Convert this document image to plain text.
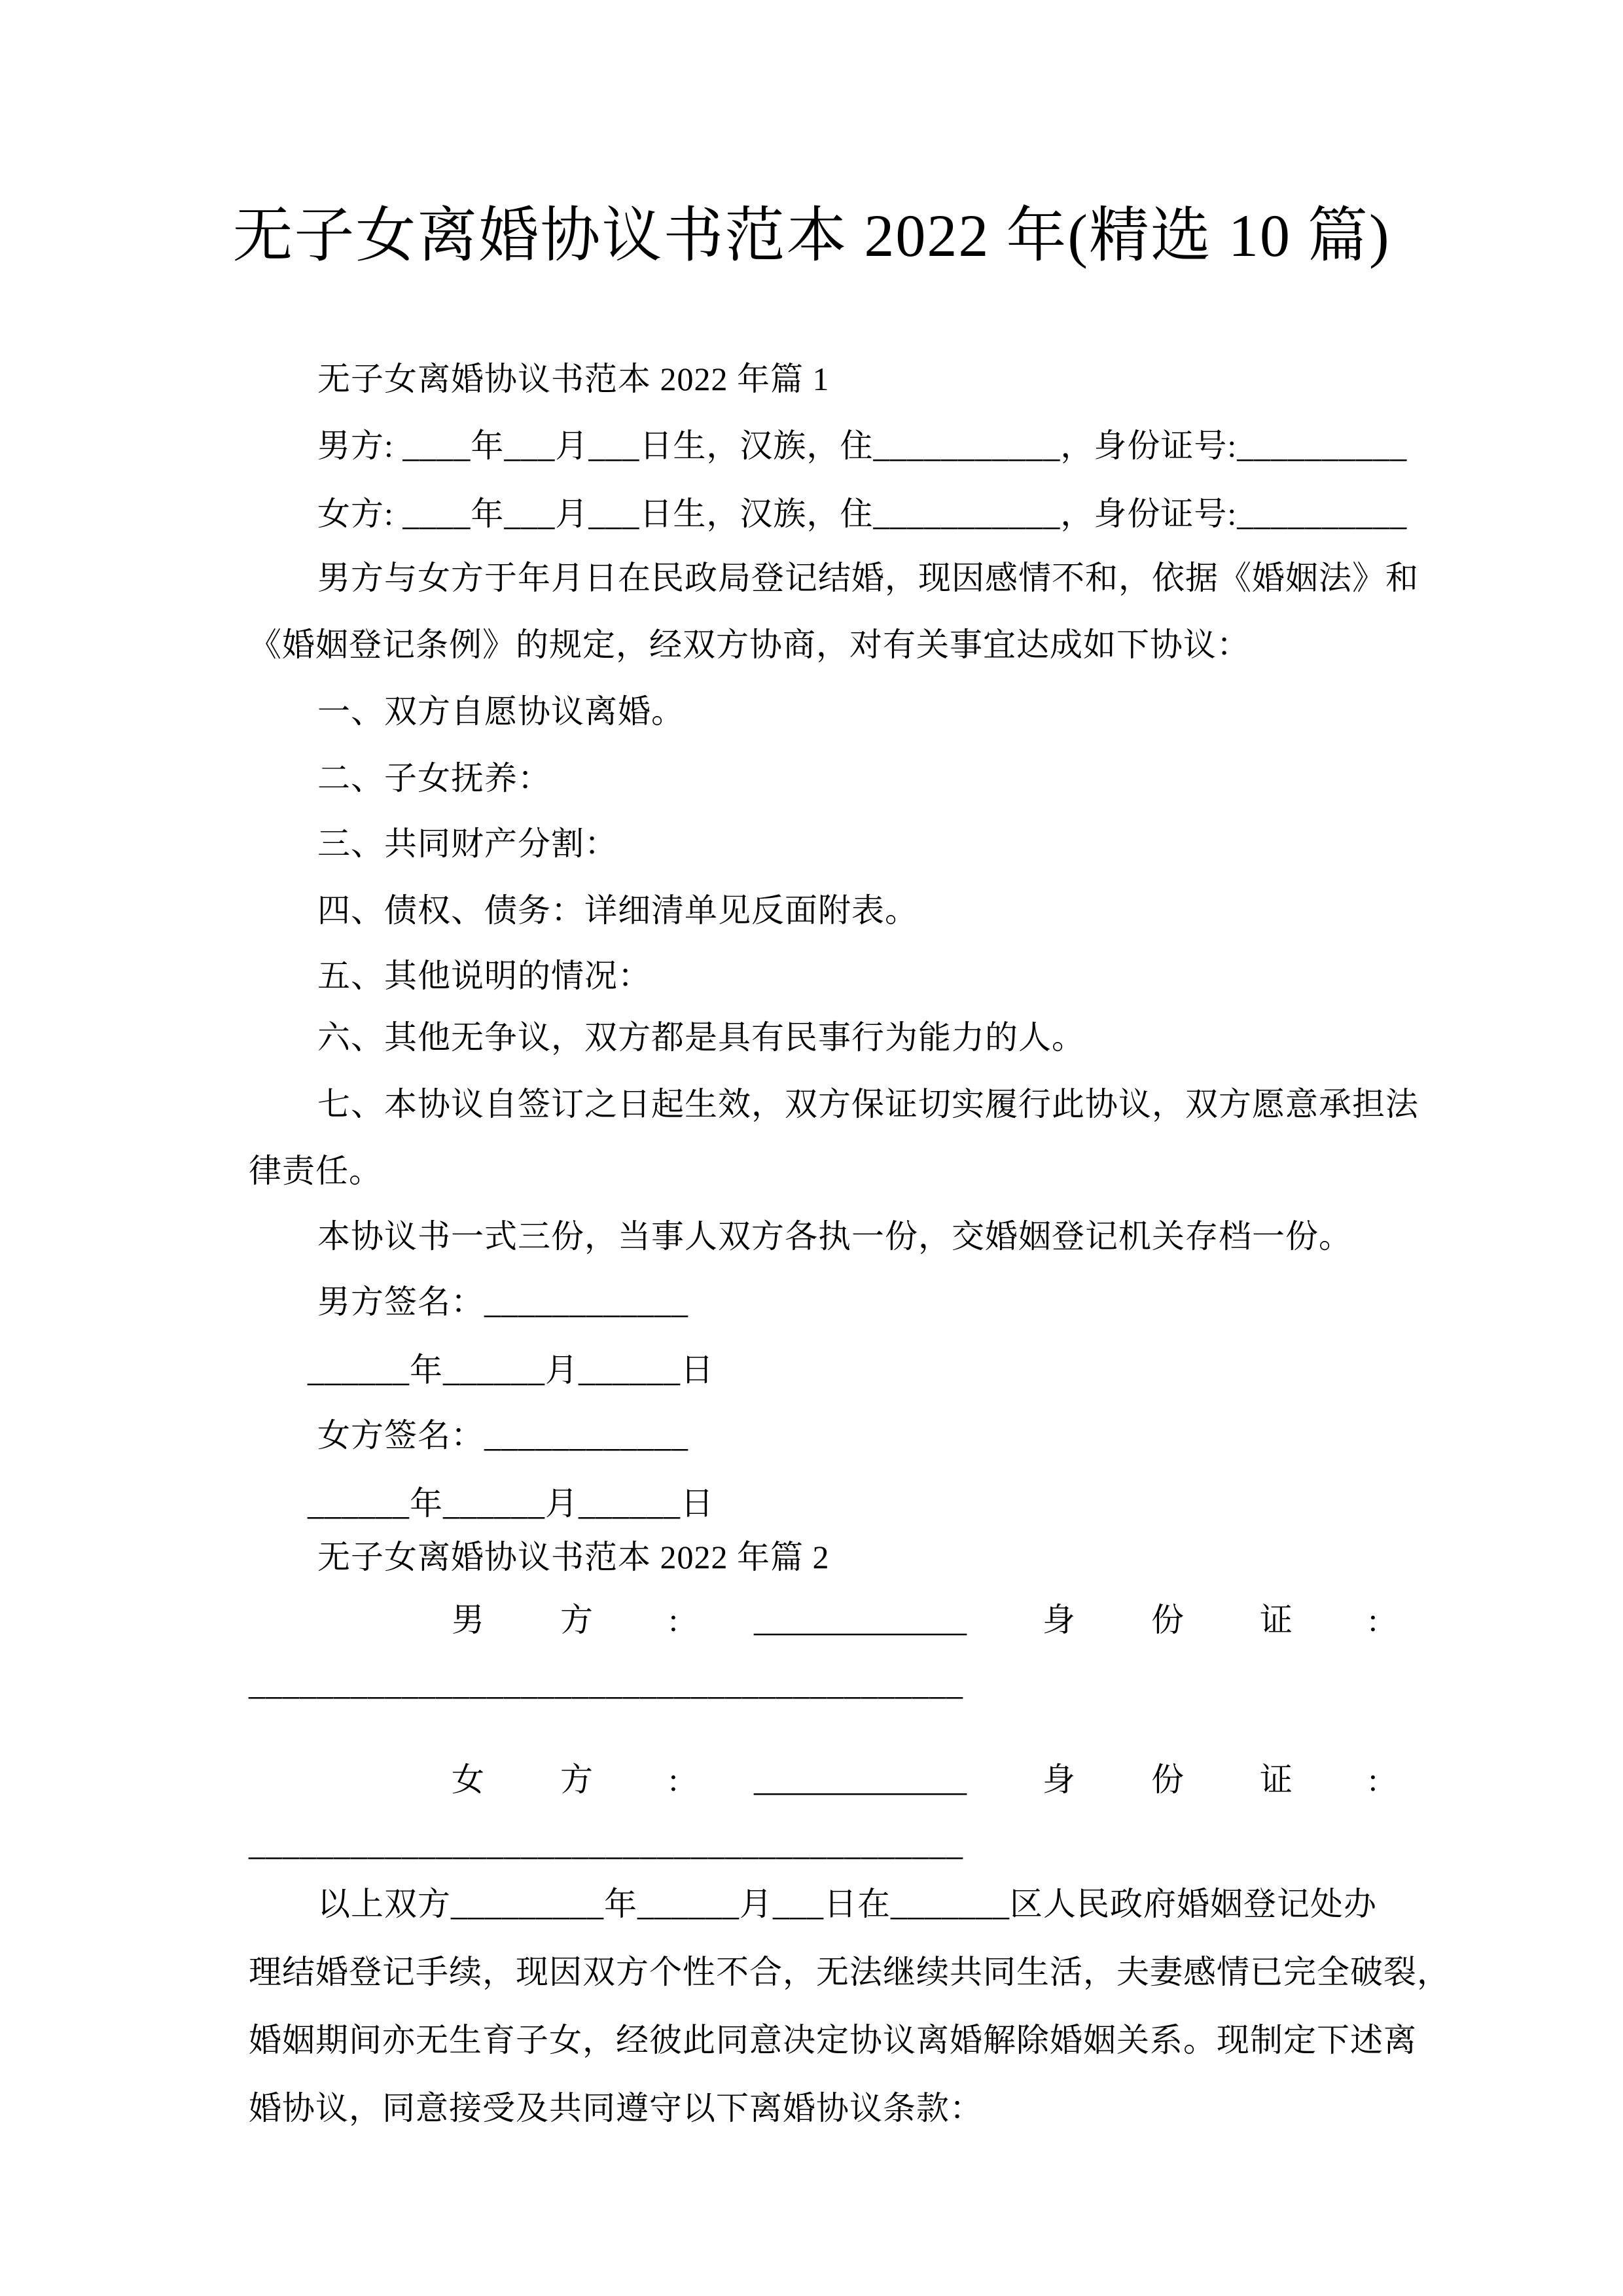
无子女离婚协议书范本 2022 年(精选 10 篇)
无子女离婚协议书范本 2022 年篇 1
男方: ____年___月___日生，汉族，住___________，身份证号:__________
女方: ____年___月___日生，汉族，住___________，身份证号:__________
男方与女方于年月日在民政局登记结婚，现因感情不和，依据《婚姻法》和
《婚姻登记条例》的规定，经双方协商，对有关事宜达成如下协议：
一、双方自愿协议离婚。
二、子女抚养：
三、共同财产分割：
四、债权、债务：详细清单见反面附表。
五、其他说明的情况：
六、其他无争议，双方都是具有民事行为能力的人。
七、本协议自签订之日起生效，双方保证切实履行此协议，双方愿意承担法
律责任。
本协议书一式三份，当事人双方各执一份，交婚姻登记机关存档一份。
男方签名：____________
______年______月______日
女方签名：____________
______年______月______日
无子女离婚协议书范本 2022 年篇 2
男 方 : _____________ 身 份 证 :
__________________________________________
女 方 : _____________ 身 份 证 :
__________________________________________
以上双方_________年______月___日在_______区人民政府婚姻登记处办
理结婚登记手续，现因双方个性不合，无法继续共同生活，夫妻感情已完全破裂，
婚姻期间亦无生育子女，经彼此同意决定协议离婚解除婚姻关系。现制定下述离
婚协议，同意接受及共同遵守以下离婚协议条款：
